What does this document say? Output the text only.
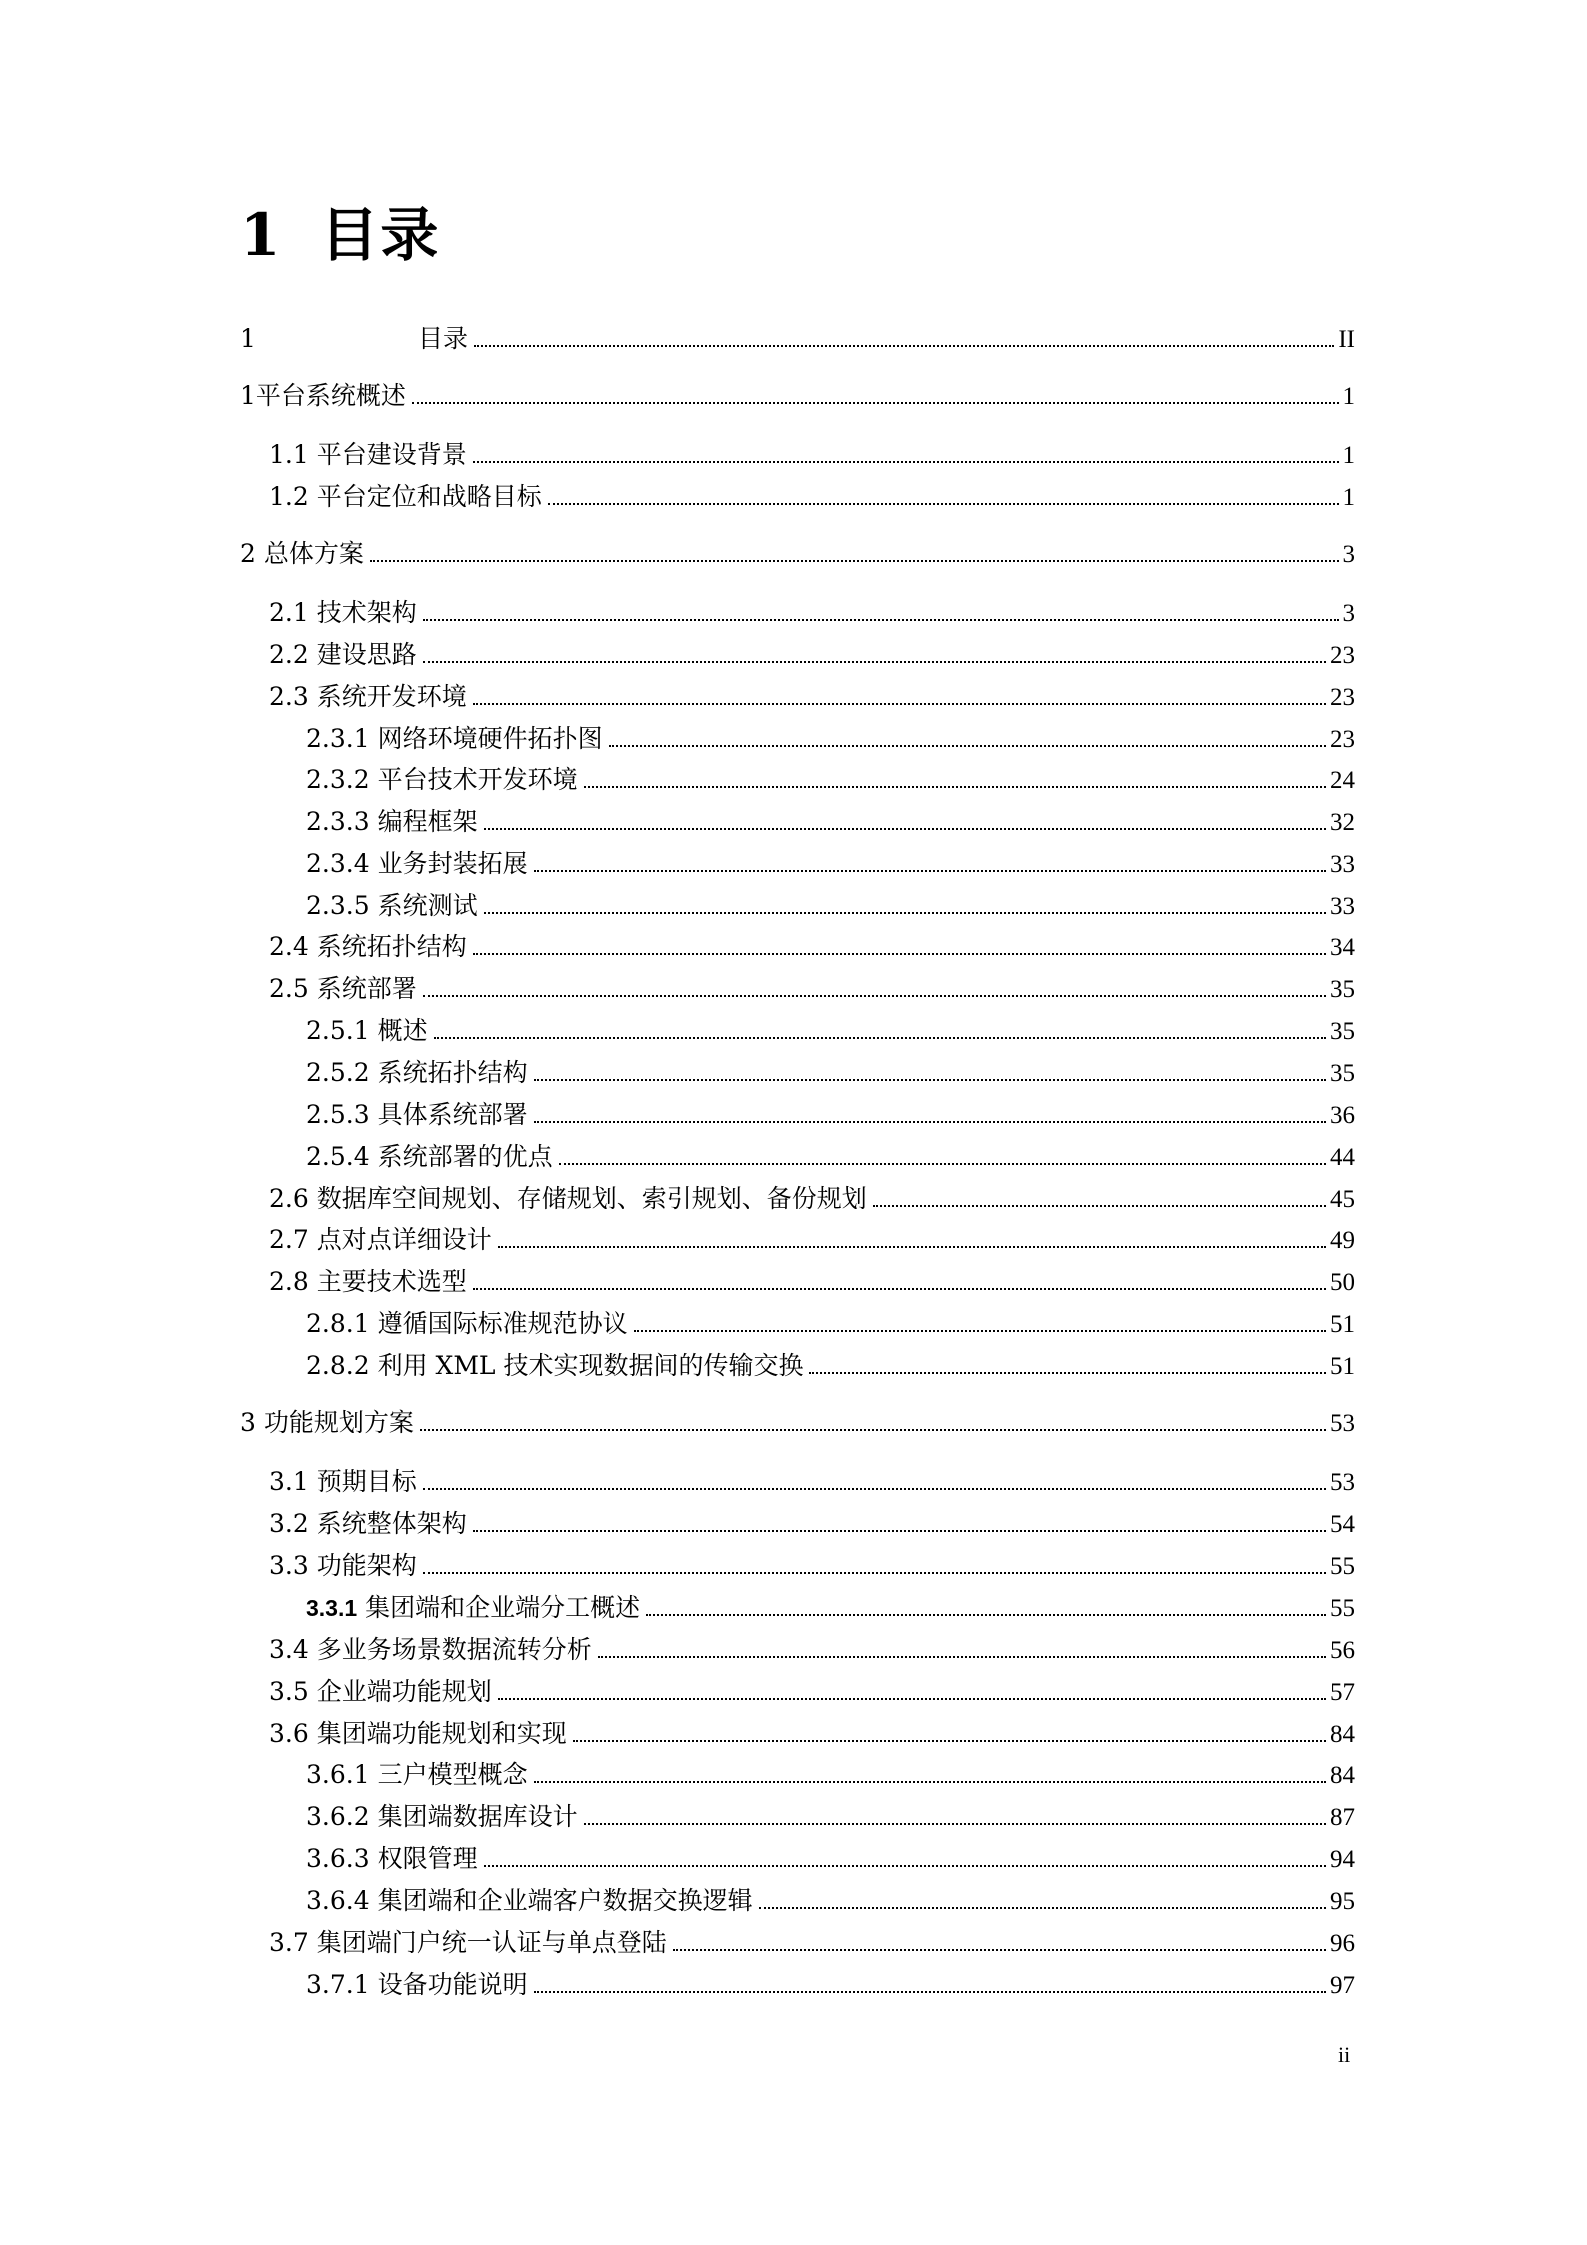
1 目录
1	目录	II
1平台系统概述	1
1.1 平台建设背景	1
1.2 平台定位和战略目标	1
2 总体方案	3
2.1 技术架构	3
2.2 建设思路	23
2.3 系统开发环境	23
2.3.1 网络环境硬件拓扑图	23
2.3.2 平台技术开发环境	24
2.3.3 编程框架	32
2.3.4 业务封装拓展	33
2.3.5 系统测试	33
2.4 系统拓扑结构	34
2.5 系统部署	35
2.5.1 概述	35
2.5.2 系统拓扑结构	35
2.5.3 具体系统部署	36
2.5.4 系统部署的优点	44
2.6 数据库空间规划、存储规划、索引规划、备份规划	45
2.7 点对点详细设计	49
2.8 主要技术选型	50
2.8.1 遵循国际标准规范协议	51
2.8.2 利用 XML 技术实现数据间的传输交换	51
3 功能规划方案	53
3.1 预期目标	53
3.2 系统整体架构	54
3.3 功能架构	55
3.3.1 集团端和企业端分工概述	55
3.4 多业务场景数据流转分析	56
3.5 企业端功能规划	57
3.6 集团端功能规划和实现	84
3.6.1 三户模型概念	84
3.6.2 集团端数据库设计	87
3.6.3 权限管理	94
3.6.4 集团端和企业端客户数据交换逻辑	95
3.7 集团端门户统一认证与单点登陆	96
3.7.1 设备功能说明	97
ii
